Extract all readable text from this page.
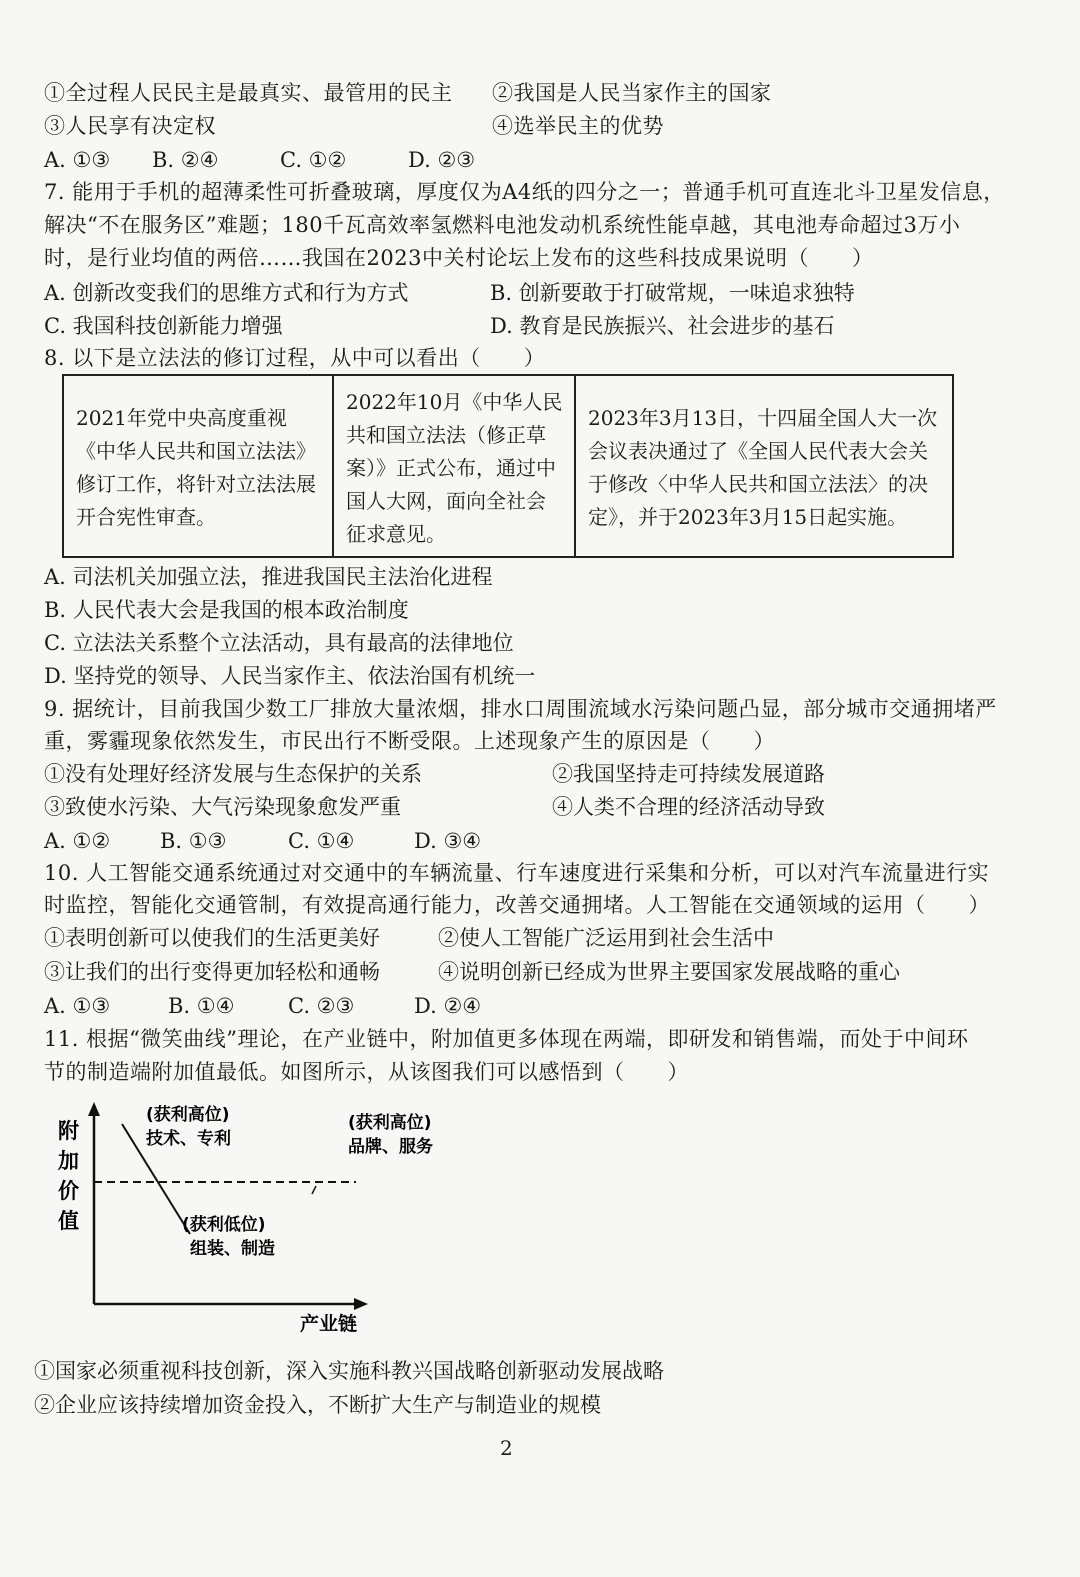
①全过程人民民主是最真实、最管用的民主 ②我国是人民当家作主的国家
③人民享有决定权	④选举民主的优势
A. ①③ B. ②④	C. ①②	D. ②③
7. 能用于手机的超薄柔性可折叠玻璃，厚度仅为A4纸的四分之一；普通手机可直连北斗卫星发信息，
解决“不在服务区”难题；180千瓦高效率氢燃料电池发动机系统性能卓越，其电池寿命超过3万小
时，是行业均值的两倍……我国在2023中关村论坛上发布的这些科技成果说明（　　）
A. 创新改变我们的思维方式和行为方式	B. 创新要敢于打破常规，一味追求独特
C. 我国科技创新能力增强	D. 教育是民族振兴、社会进步的基石
8. 以下是立法法的修订过程，从中可以看出（　　）
2021年党中央高度重视《中华人民共和国立法法》修订工作，将针对立法法展开合宪性审查。
2022年10月《中华人民共和国立法法（修正草案）》正式公布，通过中国人大网，面向全社会征求意见。
2023年3月13日，十四届全国人大一次会议表决通过了《全国人民代表大会关于修改〈中华人民共和国立法法〉的决定》，并于2023年3月15日起实施。
A. 司法机关加强立法，推进我国民主法治化进程
B. 人民代表大会是我国的根本政治制度
C. 立法法关系整个立法活动，具有最高的法律地位
D. 坚持党的领导、人民当家作主、依法治国有机统一
9. 据统计，目前我国少数工厂排放大量浓烟，排水口周围流域水污染问题凸显，部分城市交通拥堵严
重，雾霾现象依然发生，市民出行不断受限。上述现象产生的原因是（　　）
①没有处理好经济发展与生态保护的关系	②我国坚持走可持续发展道路
③致使水污染、大气污染现象愈发严重	④人类不合理的经济活动导致
A. ①② B. ①③	C. ①④	D. ③④
10. 人工智能交通系统通过对交通中的车辆流量、行车速度进行采集和分析，可以对汽车流量进行实
时监控，智能化交通管制，有效提高通行能力，改善交通拥堵。人工智能在交通领域的运用（　　）
①表明创新可以使我们的生活更美好	②使人工智能广泛运用到社会生活中
③让我们的出行变得更加轻松和通畅	④说明创新已经成为世界主要国家发展战略的重心
A. ①③	B. ①④	C. ②③	D. ②④
11. 根据“微笑曲线”理论，在产业链中，附加值更多体现在两端，即研发和销售端，而处于中间环
节的制造端附加值最低。如图所示，从该图我们可以感悟到（　　）
附 加 价 值
产业链
(获利高位)
技术、专利
(获利低位)
组装、制造
(获利高位)
品牌、服务
①国家必须重视科技创新，深入实施科教兴国战略创新驱动发展战略
②企业应该持续增加资金投入，不断扩大生产与制造业的规模
2
